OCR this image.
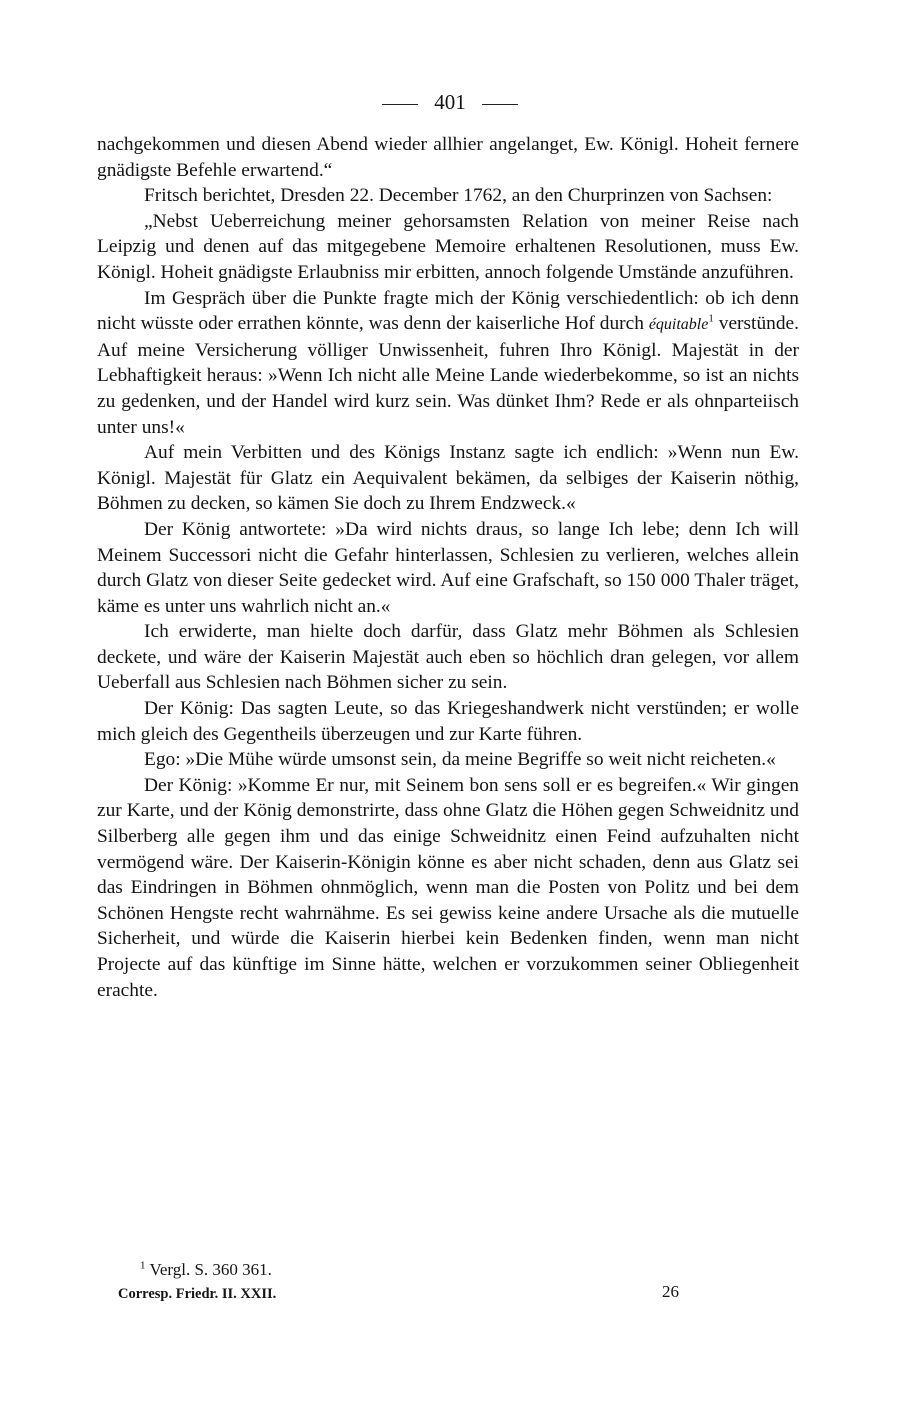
401

nachgekommen und diesen Abend wieder allhier angelanget, Ew. Königl. Hoheit fernere gnädigste Befehle erwartend.“

Fritsch berichtet, Dresden 22. December 1762, an den Churprinzen von Sachsen:

„Nebst Ueberreichung meiner gehorsamsten Relation von meiner Reise nach Leipzig und denen auf das mitgegebene Memoire erhaltenen Resolutionen, muss Ew. Königl. Hoheit gnädigste Erlaubniss mir erbitten, annoch folgende Umstände anzuführen.

Im Gespräch über die Punkte fragte mich der König verschiedentlich: ob ich denn nicht wüsste oder errathen könnte, was denn der kaiserliche Hof durch équitable$^1$ verstünde. Auf meine Versicherung völliger Unwissenheit, fuhren Ihro Königl. Majestät in der Lebhaftigkeit heraus: »Wenn Ich nicht alle Meine Lande wiederbekomme, so ist an nichts zu gedenken, und der Handel wird kurz sein. Was dünket Ihm? Rede er als ohnparteiisch unter uns!«

Auf mein Verbitten und des Königs Instanz sagte ich endlich: »Wenn nun Ew. Königl. Majestät für Glatz ein Aequivalent bekämen, da selbiges der Kaiserin nöthig, Böhmen zu decken, so kämen Sie doch zu Ihrem Endzweck.«

Der König antwortete: »Da wird nichts draus, so lange Ich lebe; denn Ich will Meinem Successori nicht die Gefahr hinterlassen, Schlesien zu verlieren, welches allein durch Glatz von dieser Seite gedecket wird. Auf eine Grafschaft, so 150 000 Thaler träget, käme es unter uns wahrlich nicht an.«

Ich erwiderte, man hielte doch darfür, dass Glatz mehr Böhmen als Schlesien deckete, und wäre der Kaiserin Majestät auch eben so höchlich dran gelegen, vor allem Ueberfall aus Schlesien nach Böhmen sicher zu sein.

Der König: Das sagten Leute, so das Kriegeshandwerk nicht verstünden; er wolle mich gleich des Gegentheils überzeugen und zur Karte führen.

Ego: »Die Mühe würde umsonst sein, da meine Begriffe so weit nicht reicheten.«

Der König: »Komme Er nur, mit Seinem bon sens soll er es begreifen.« Wir gingen zur Karte, und der König demonstrirte, dass ohne Glatz die Höhen gegen Schweidnitz und Silberberg alle gegen ihm und das einige Schweidnitz einen Feind aufzuhalten nicht vermögend wäre. Der Kaiserin-Königin könne es aber nicht schaden, denn aus Glatz sei das Eindringen in Böhmen ohnmöglich, wenn man die Posten von Politz und bei dem Schönen Hengste recht wahrnähme. Es sei gewiss keine andere Ursache als die mutuelle Sicherheit, und würde die Kaiserin hierbei kein Bedenken finden, wenn man nicht Projecte auf das künftige im Sinne hätte, welchen er vorzukommen seiner Obliegenheit erachte.

$^1$ Vergl. S. 360 361.
Corresp. Friedr. II. XXII.	26
